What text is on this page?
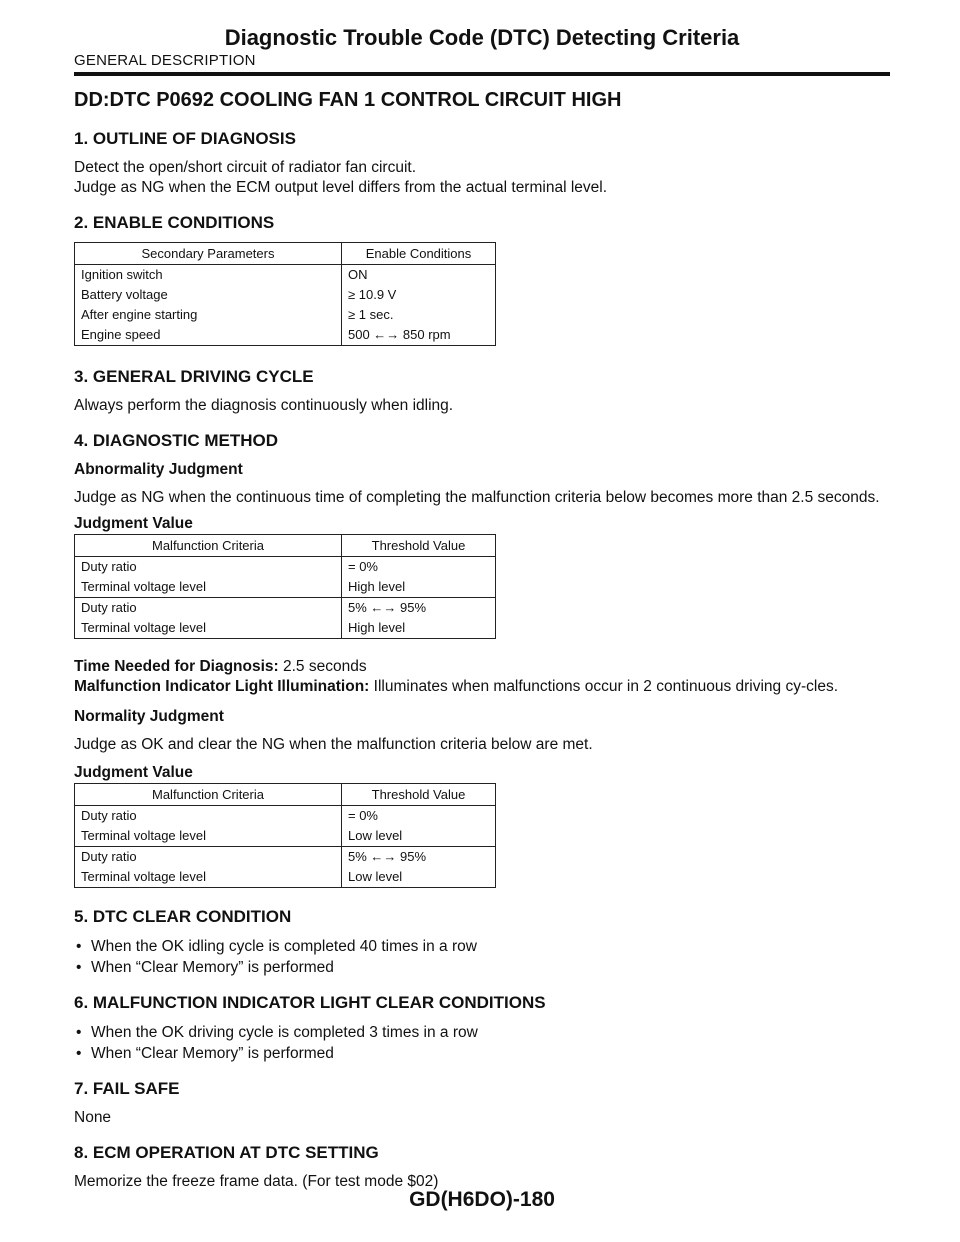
Diagnostic Trouble Code (DTC) Detecting Criteria
GENERAL DESCRIPTION
DD:DTC P0692 COOLING FAN 1 CONTROL CIRCUIT HIGH
1. OUTLINE OF DIAGNOSIS

Detect the open/short circuit of radiator fan circuit.

Judge as NG when the ECM output level differs from the actual terminal level.

2. ENABLE CONDITIONS
Secondary Parameters	Enable Conditions
Ignition switch	ON
Battery voltage	≥ 10.9 V
After engine starting	≥ 1 sec.
Engine speed	500 ←→ 850 rpm
3. GENERAL DRIVING CYCLE

Always perform the diagnosis continuously when idling.

4. DIAGNOSTIC METHOD
Abnormality Judgment

Judge as NG when the continuous time of completing the malfunction criteria below becomes more than 2.5 seconds.

Judgment Value
Malfunction Criteria	Threshold Value
Duty ratio	= 0%
Terminal voltage level	High level
Duty ratio	5% ←→ 95%
Terminal voltage level	High level

Time Needed for Diagnosis: 2.5 seconds

Malfunction Indicator Light Illumination: Illuminates when malfunctions occur in 2 continuous driving cy-cles.

Normality Judgment

Judge as OK and clear the NG when the malfunction criteria below are met.

Judgment Value
Malfunction Criteria	Threshold Value
Duty ratio	= 0%
Terminal voltage level	Low level
Duty ratio	5% ←→ 95%
Terminal voltage level	Low level
5. DTC CLEAR CONDITION
• When the OK idling cycle is completed 40 times in a row
• When “Clear Memory” is performed
6. MALFUNCTION INDICATOR LIGHT CLEAR CONDITIONS
• When the OK driving cycle is completed 3 times in a row
• When “Clear Memory” is performed
7. FAIL SAFE

None

8. ECM OPERATION AT DTC SETTING

Memorize the freeze frame data. (For test mode $02)

GD(H6DO)-180
